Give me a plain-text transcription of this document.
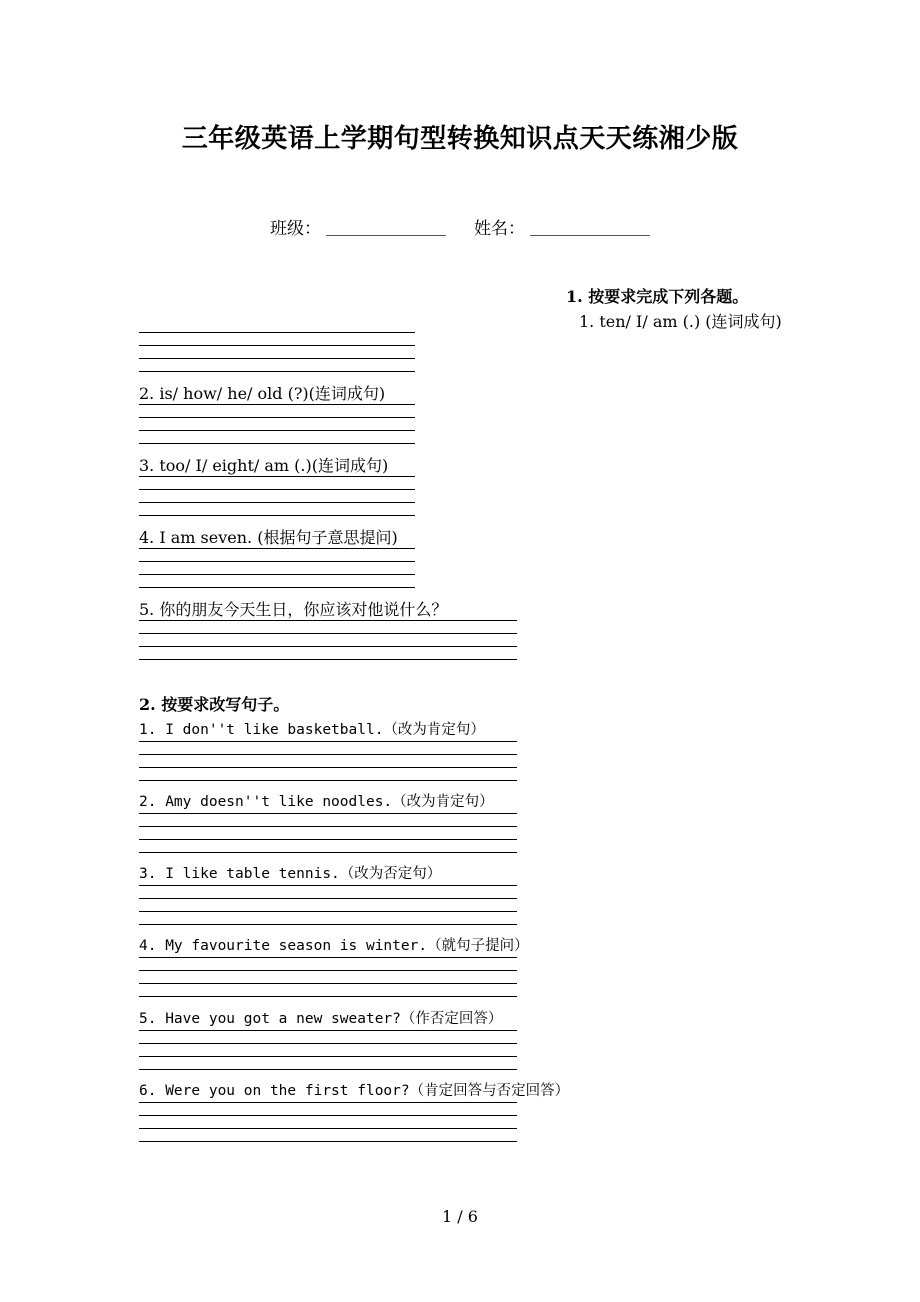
三年级英语上学期句型转换知识点天天练湘少版
班级：	姓名：
1. 按要求完成下列各题。
1. ten/ I/ am (.) (连词成句)
2. is/ how/ he/ old (?)(连词成句)
3. too/ I/ eight/ am (.)(连词成句)
4. I am seven. (根据句子意思提问)
5. 你的朋友今天生日，你应该对他说什么？
2. 按要求改写句子。
1. I don''t like basketball.（改为肯定句）
2. Amy doesn''t like noodles.（改为肯定句）
3. I like table tennis.（改为否定句）
4. My favourite season is winter.（就句子提问）
5. Have you got a new sweater?（作否定回答）
6. Were you on the first floor?（肯定回答与否定回答）
1 / 6
